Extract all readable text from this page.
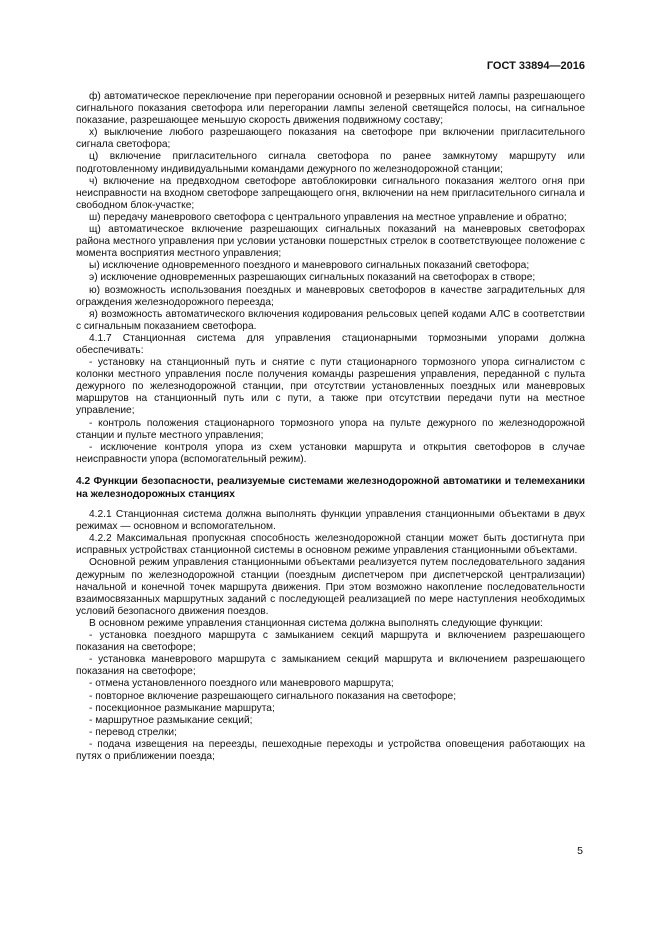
ГОСТ 33894—2016

ф) автоматическое переключение при перегорании основной и резервных нитей лампы разрешающего сигнального показания светофора или перегорании лампы зеленой светящейся полосы, на сигнальное показание, разрешающее меньшую скорость движения подвижному составу;

х) выключение любого разрешающего показания на светофоре при включении пригласительного сигнала светофора;

ц) включение пригласительного сигнала светофора по ранее замкнутому маршруту или подготовленному индивидуальными командами дежурного по железнодорожной станции;

ч) включение на предвходном светофоре автоблокировки сигнального показания желтого огня при неисправности на входном светофоре запрещающего огня, включении на нем пригласительного сигнала и свободном блок-участке;

ш) передачу маневрового светофора с центрального управления на местное управление и обратно;

щ) автоматическое включение разрешающих сигнальных показаний на маневровых светофорах района местного управления при условии установки пошерстных стрелок в соответствующее положение с момента восприятия местного управления;

ы) исключение одновременного поездного и маневрового сигнальных показаний светофора;

э) исключение одновременных разрешающих сигнальных показаний на светофорах в створе;

ю) возможность использования поездных и маневровых светофоров в качестве заградительных для ограждения железнодорожного переезда;

я) возможность автоматического включения кодирования рельсовых цепей кодами АЛС в соответствии с сигнальным показанием светофора.

4.1.7 Станционная система для управления стационарными тормозными упорами должна обеспечивать:

- установку на станционный путь и снятие с пути стационарного тормозного упора сигналистом с колонки местного управления после получения команды разрешения управления, переданной с пульта дежурного по железнодорожной станции, при отсутствии установленных поездных или маневровых маршрутов на станционный путь или с пути, а также при отсутствии передачи пути на местное управление;

- контроль положения стационарного тормозного упора на пульте дежурного по железнодорожной станции и пульте местного управления;

- исключение контроля упора из схем установки маршрута и открытия светофоров в случае неисправности упора (вспомогательный режим).

4.2 Функции безопасности, реализуемые системами железнодорожной автоматики и телемеханики на железнодорожных станциях

4.2.1 Станционная система должна выполнять функции управления станционными объектами в двух режимах — основном и вспомогательном.

4.2.2 Максимальная пропускная способность железнодорожной станции может быть достигнута при исправных устройствах станционной системы в основном режиме управления станционными объектами.

Основной режим управления станционными объектами реализуется путем последовательного задания дежурным по железнодорожной станции (поездным диспетчером при диспетчерской централизации) начальной и конечной точек маршрута движения. При этом возможно накопление последовательности взаимосвязанных маршрутных заданий с последующей реализацией по мере наступления необходимых условий безопасного движения поездов.

В основном режиме управления станционная система должна выполнять следующие функции:

- установка поездного маршрута с замыканием секций маршрута и включением разрешающего показания на светофоре;

- установка маневрового маршрута с замыканием секций маршрута и включением разрешающего показания на светофоре;

- отмена установленного поездного или маневрового маршрута;

- повторное включение разрешающего сигнального показания на светофоре;

- посекционное размыкание маршрута;

- маршрутное размыкание секций;

- перевод стрелки;

- подача извещения на переезды, пешеходные переходы и устройства оповещения работающих на путях о приближении поезда;

5
